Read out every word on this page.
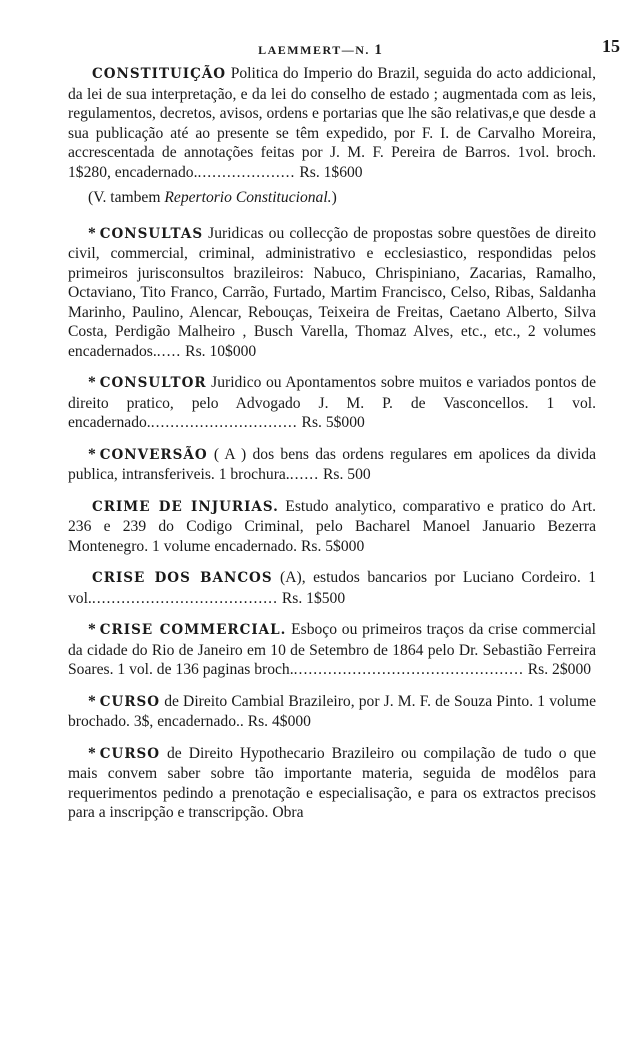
LAEMMERT—N. 1	15

CONSTITUIÇÃO Politica do Imperio do Brazil, seguida do acto addicional, da lei de sua interpretação, e da lei do conselho de estado ; augmentada com as leis, regulamentos, decretos, avisos, ordens e portarias que lhe são relativas,e que desde a sua publicação até ao presente se têm expedido, por F. I. de Carvalho Moreira, accrescentada de annotações feitas por J. M. F. Pereira de Barros. 1vol. broch. 1$280, encadernado..................... Rs. 1$600

(V. tambem Repertorio Constitucional.)

* CONSULTAS Juridicas ou collecção de propostas sobre questões de direito civil, commercial, criminal, administrativo e ecclesiastico, respondidas pelos primeiros jurisconsultos brazileiros: Nabuco, Chrispiniano, Zacarias, Ramalho, Octaviano, Tito Franco, Carrão, Furtado, Martim Francisco, Celso, Ribas, Saldanha Marinho, Paulino, Alencar, Rebouças, Teixeira de Freitas, Caetano Alberto, Silva Costa, Perdigão Malheiro , Busch Varella, Thomaz Alves, etc., etc., 2 volumes encadernados...... Rs. 10$000

* CONSULTOR Juridico ou Apontamentos sobre muitos e variados pontos de direito pratico, pelo Advogado J. M. P. de Vasconcellos. 1 vol. encadernado............................... Rs. 5$000

* CONVERSÃO ( A ) dos bens das ordens regulares em apolices da divida publica, intransferiveis. 1 brochura....... Rs. 500

CRIME DE INJURIAS. Estudo analytico, comparativo e pratico do Art. 236 e 239 do Codigo Criminal, pelo Bacharel Manoel Januario Bezerra Montenegro. 1 volume encadernado. Rs. 5$000

CRISE DOS BANCOS (A), estudos bancarios por Luciano Cordeiro. 1 vol....................................... Rs. 1$500

* CRISE COMMERCIAL. Esboço ou primeiros traços da crise commercial da cidade do Rio de Janeiro em 10 de Setembro de 1864 pelo Dr. Sebastião Ferreira Soares. 1 vol. de 136 paginas broch................................................ Rs. 2$000

* CURSO de Direito Cambial Brazileiro, por J. M. F. de Souza Pinto. 1 volume brochado. 3$, encadernado.. Rs. 4$000

* CURSO de Direito Hypothecario Brazileiro ou compilação de tudo o que mais convem saber sobre tão importante materia, seguida de modêlos para requerimentos pedindo a prenotação e especialisação, e para os extractos precisos para a inscripção e transcripção. Obra
